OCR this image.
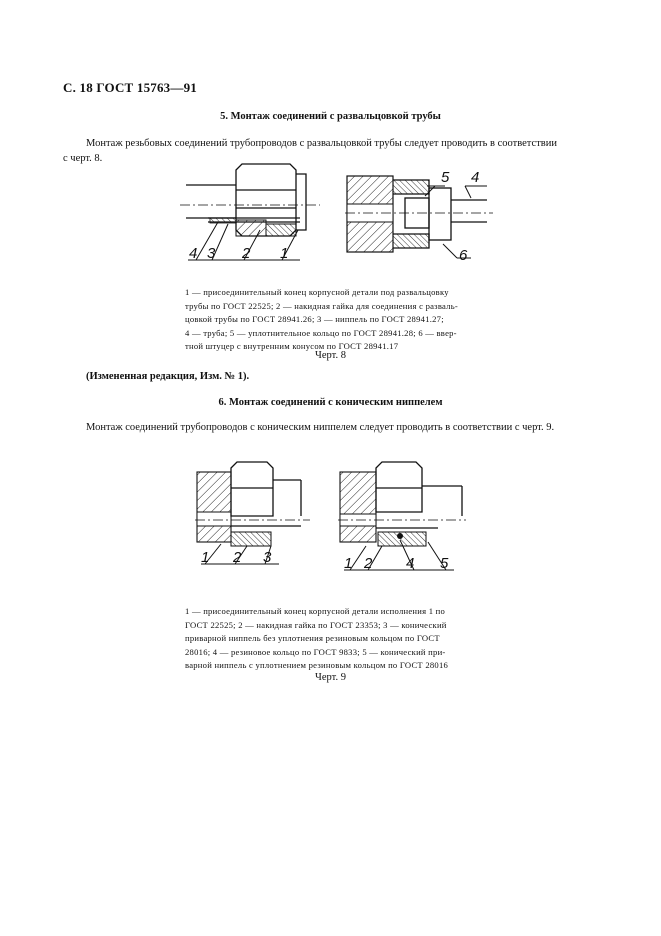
С. 18 ГОСТ 15763—91
5. Монтаж соединений с развальцовкой трубы
Монтаж резьбовых соединений трубопроводов с развальцовкой трубы следует проводить в соответствии
с черт. 8.
4 3 2 1
5 4
6
1 — присоединительный конец корпусной детали под развальцовку
трубы по ГОСТ 22525; 2 — накидная гайка для соединения с разваль-
цовкой трубы по ГОСТ 28941.26; 3 — ниппель по ГОСТ 28941.27;
4 — труба; 5 — уплотнительное кольцо по ГОСТ 28941.28; 6 — ввер-
тной штуцер с внутренним конусом по ГОСТ 28941.17
Черт. 8
(Измененная редакция, Изм. № 1).
6. Монтаж соединений с коническим ниппелем
Монтаж соединений трубопроводов с коническим ниппелем следует проводить в соответствии с черт. 9.
1 2 3	1 2 4 5
1 — присоединительный конец корпусной детали исполнения 1 по
ГОСТ 22525; 2 — накидная гайка по ГОСТ 23353; 3 — конический
приварной ниппель без уплотнения резиновым кольцом по ГОСТ
28016; 4 — резиновое кольцо по ГОСТ 9833; 5 — конический при-
варной ниппель с уплотнением резиновым кольцом по ГОСТ 28016
Черт. 9
